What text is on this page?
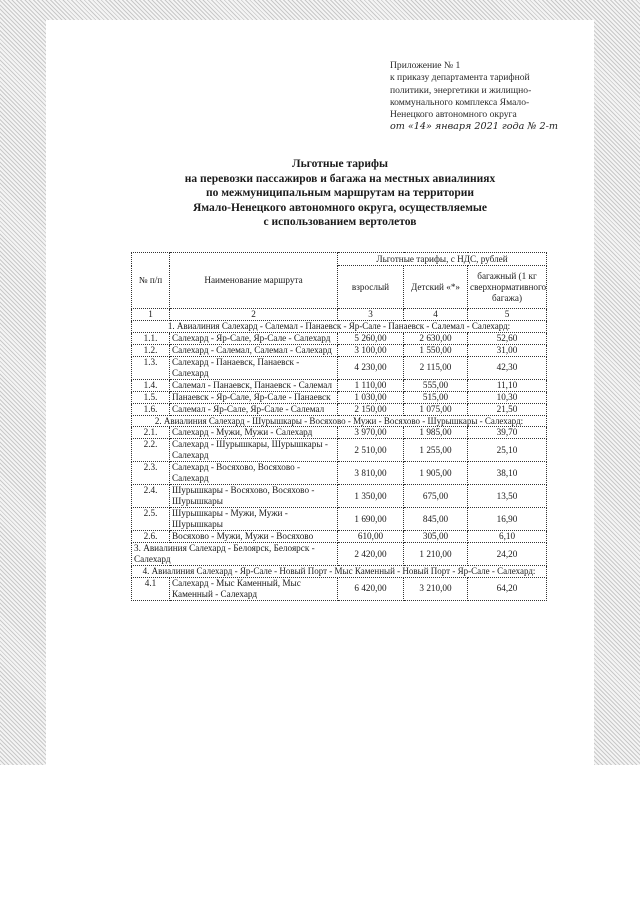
Приложение № 1
к приказу департамента тарифной
политики, энергетики и жилищно-
коммунального комплекса Ямало-
Ненецкого автономного округа
от «14» января 2021 года № 2-т
Льготные тарифы
на перевозки пассажиров и багажа на местных авиалиниях
по межмуниципальным маршрутам на территории
Ямало-Ненецкого автономного округа, осуществляемые
с использованием вертолетов
№ п/п	Наименование маршрута	Льготные тарифы, с НДС, рублей		
		взрослый	Детский «*»	багажный (1 кг сверхнормативного багажа)
1	2	3	4	5
1. Авиалиния Салехард - Салемал - Панаевск - Яр-Сале - Панаевск - Салемал - Салехард:				
1.1.	Салехард - Яр-Сале, Яр-Сале - Салехард	5 260,00	2 630,00	52,60
1.2.	Салехард - Салемал, Салемал - Салехард	3 100,00	1 550,00	31,00
1.3.	Салехард - Панаевск, Панаевск - Салехард	4 230,00	2 115,00	42,30
1.4.	Салемал - Панаевск, Панаевск - Салемал	1 110,00	555,00	11,10
1.5.	Панаевск - Яр-Сале, Яр-Сале - Панаевск	1 030,00	515,00	10,30
1.6.	Салемал - Яр-Сале, Яр-Сале - Салемал	2 150,00	1 075,00	21,50
2. Авиалиния Салехард - Шурышкары - Восяхово - Мужи - Восяхово - Шурышкары - Салехард:				
2.1.	Салехард - Мужи, Мужи - Салехард	3 970,00	1 985,00	39,70
2.2.	Салехард - Шурышкары, Шурышкары - Салехард	2 510,00	1 255,00	25,10
2.3.	Салехард - Восяхово, Восяхово - Салехард	3 810,00	1 905,00	38,10
2.4.	Шурышкары - Восяхово, Восяхово - Шурышкары	1 350,00	675,00	13,50
2.5.	Шурышкары - Мужи, Мужи - Шурышкары	1 690,00	845,00	16,90
2.6.	Восяхово - Мужи, Мужи - Восяхово	610,00	305,00	6,10
3. Авиалиния Салехард - Белоярск, Белоярск - Салехард		2 420,00	1 210,00	24,20
4. Авиалиния Салехард - Яр-Сале - Новый Порт - Мыс Каменный - Новый Порт - Яр-Сале - Салехард:				
4.1	Салехард - Мыс Каменный, Мыс Каменный - Салехард	6 420,00	3 210,00	64,20
